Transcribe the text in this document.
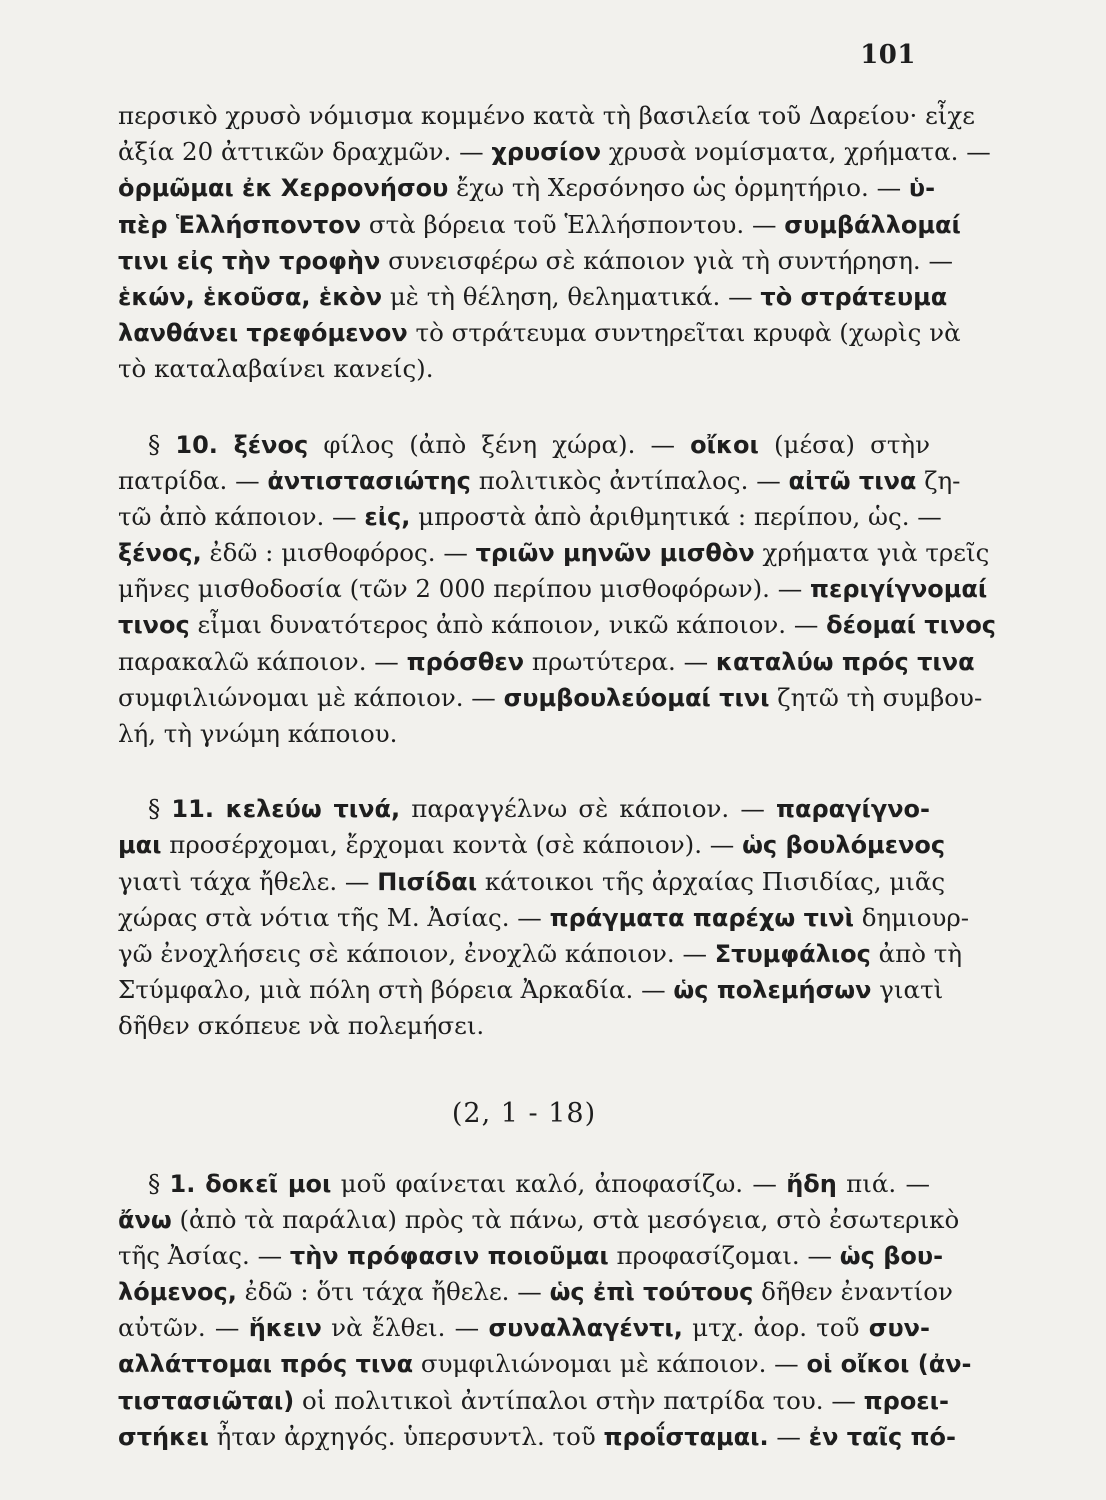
101
περσικὸ χρυσὸ νόμισμα κομμένο κατὰ τὴ βασιλεία τοῦ Δαρείου· εἶχε
ἀξία 20 ἀττικῶν δραχμῶν. — χρυσίον χρυσὰ νομίσματα, χρήματα. —
ὁρμῶμαι ἐκ Χερρονήσου ἔχω τὴ Χερσόνησο ὡς ὁρμητήριο. — ὑ-
πὲρ Ἑλλήσποντον στὰ βόρεια τοῦ Ἑλλήσποντου. — συμβάλλομαί
τινι εἰς τὴν τροφὴν συνεισφέρω σὲ κάποιον γιὰ τὴ συντήρηση. —
ἑκών, ἑκοῦσα, ἑκὸν μὲ τὴ θέληση, θεληματικά. — τὸ στράτευμα
λανθάνει τρεφόμενον τὸ στράτευμα συντηρεῖται κρυφὰ (χωρὶς νὰ
τὸ καταλαβαίνει κανείς).
§ 10. ξένος φίλος (ἀπὸ ξένη χώρα). — οἴκοι (μέσα) στὴν
πατρίδα. — ἀντιστασιώτης πολιτικὸς ἀντίπαλος. — αἰτῶ τινα ζη-
τῶ ἀπὸ κάποιον. — εἰς, μπροστὰ ἀπὸ ἀριθμητικά : περίπου, ὡς. —
ξένος, ἐδῶ : μισθοφόρος. — τριῶν μηνῶν μισθὸν χρήματα γιὰ τρεῖς
μῆνες μισθοδοσία (τῶν 2 000 περίπου μισθοφόρων). — περιγίγνομαί
τινος εἶμαι δυνατότερος ἀπὸ κάποιον, νικῶ κάποιον. — δέομαί τινος
παρακαλῶ κάποιον. — πρόσθεν πρωτύτερα. — καταλύω πρός τινα
συμφιλιώνομαι μὲ κάποιον. — συμβουλεύομαί τινι ζητῶ τὴ συμβου-
λή, τὴ γνώμη κάποιου.
§ 11. κελεύω τινά, παραγγέλνω σὲ κάποιον. — παραγίγνο-
μαι προσέρχομαι, ἔρχομαι κοντὰ (σὲ κάποιον). — ὡς βουλόμενος
γιατὶ τάχα ἤθελε. — Πισίδαι κάτοικοι τῆς ἀρχαίας Πισιδίας, μιᾶς
χώρας στὰ νότια τῆς Μ. Ἀσίας. — πράγματα παρέχω τινὶ δημιουρ-
γῶ ἐνοχλήσεις σὲ κάποιον, ἐνοχλῶ κάποιον. — Στυμφάλιος ἀπὸ τὴ
Στύμφαλο, μιὰ πόλη στὴ βόρεια Ἀρκαδία. — ὡς πολεμήσων γιατὶ
δῆθεν σκόπευε νὰ πολεμήσει.
(2, 1 - 18)
§ 1. δοκεῖ μοι μοῦ φαίνεται καλό, ἀποφασίζω. — ἤδη πιά. —
ἄνω (ἀπὸ τὰ παράλια) πρὸς τὰ πάνω, στὰ μεσόγεια, στὸ ἐσωτερικὸ
τῆς Ἀσίας. — τὴν πρόφασιν ποιοῦμαι προφασίζομαι. — ὡς βου-
λόμενος, ἐδῶ : ὅτι τάχα ἤθελε. — ὡς ἐπὶ τούτους δῆθεν ἐναντίον
αὐτῶν. — ἥκειν νὰ ἔλθει. — συναλλαγέντι, μτχ. ἀορ. τοῦ συν-
αλλάττομαι πρός τινα συμφιλιώνομαι μὲ κάποιον. — οἱ οἴκοι (ἀν-
τιστασιῶται) οἱ πολιτικοὶ ἀντίπαλοι στὴν πατρίδα του. — προει-
στήκει ἦταν ἀρχηγός. ὑπερσυντλ. τοῦ προΐσταμαι. — ἐν ταῖς πό-
